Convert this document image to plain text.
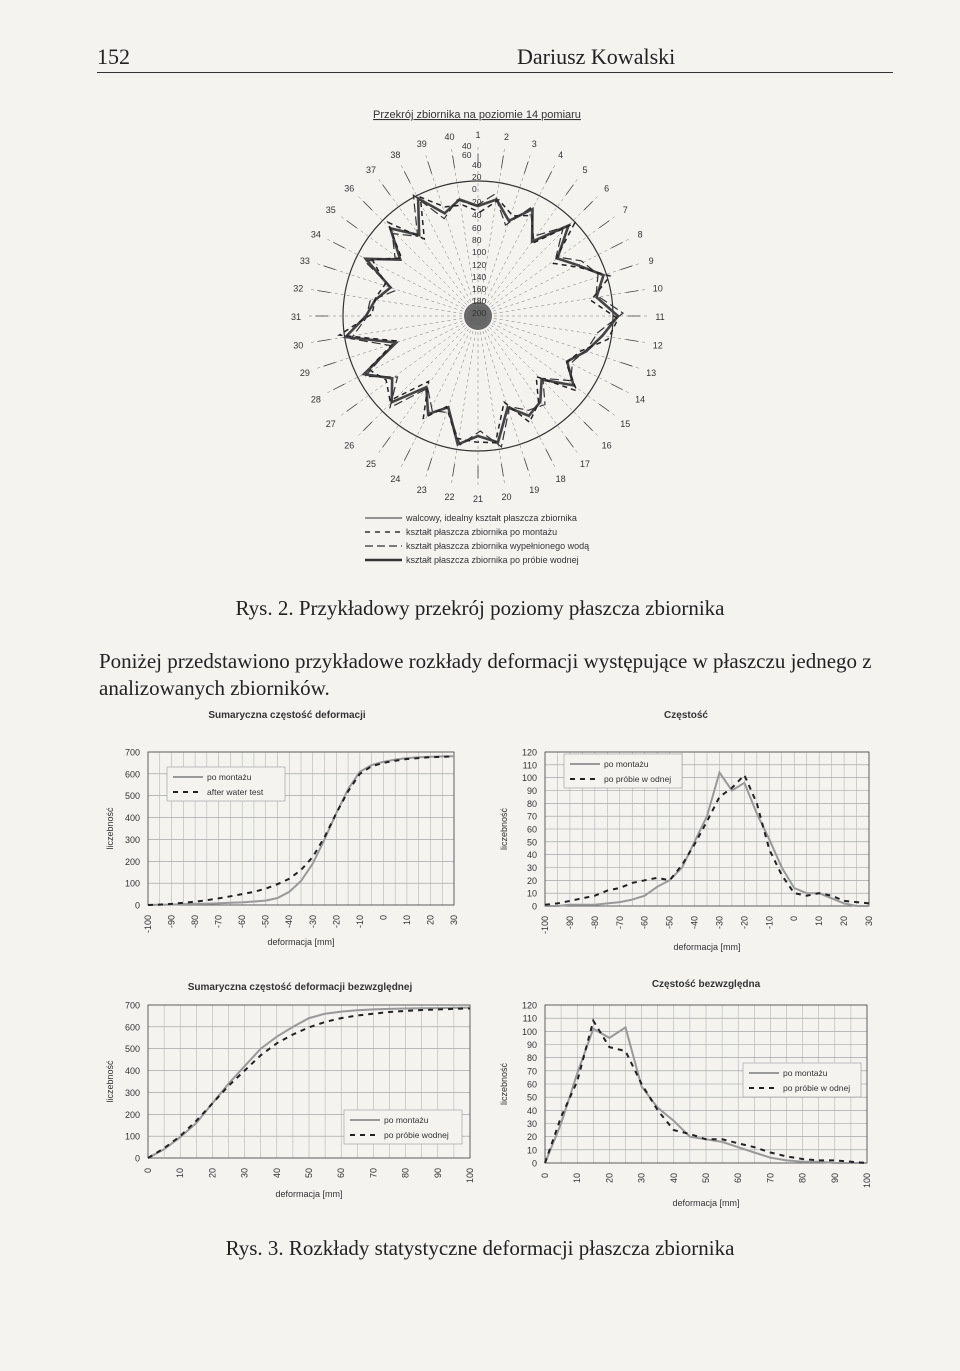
152	Dariusz Kowalski
Przekrój zbiornika na poziomie 14 pomiaru
1	2
3
4
5
6
7
8
9
10
11
12
13
14
15
16
17
18
19
20
21
22
23
24
25
26
27
28
29
30
31
32
33
34
35
36
37
38
39
40
40
60
40
20
0
20
40
60
80
100
120
140
160
180
200
walcowy, idealny kształt płaszcza zbiornika
kształt płaszcza zbiornika po montażu
kształt płaszcza zbiornika wypełnionego wodą
kształt płaszcza zbiornika po próbie wodnej
Rys. 2. Przykładowy przekrój poziomy płaszcza zbiornika
Poniżej przedstawiono przykładowe rozkłady deformacji występujące w płaszczu jednego z analizowanych zbiorników.
Sumaryczna częstość deformacji
0
100
200
300
400
500
600
700
-100 -90 -80 -70 -60 -50 -40 -30 -20 -10 0 10 20 30
deformacja [mm]
liczebność
po montażu
after water test
Częstość
0
10
20
30
40
50
60
70
80
90
100
110
120
-100 -90 -80 -70 -60 -50 -40 -30 -20 -10 0 10 20 30
deformacja [mm]
liczebność
po montażu
po próbie w odnej
Sumaryczna częstość deformacji bezwzględnej
0
100
200
300
400
500
600
700
0 10 20 30 40 50 60 70 80 90 100
deformacja [mm]
liczebność
po montażu
po próbie wodnej
Częstość bezwzględna
0
10
20
30
40
50
60
70
80
90
100
110
120
0 10 20 30 40 50 60 70 80 90 100
deformacja [mm]
liczebność	po montażu
po próbie w odnej
Rys. 3. Rozkłady statystyczne deformacji płaszcza zbiornika
